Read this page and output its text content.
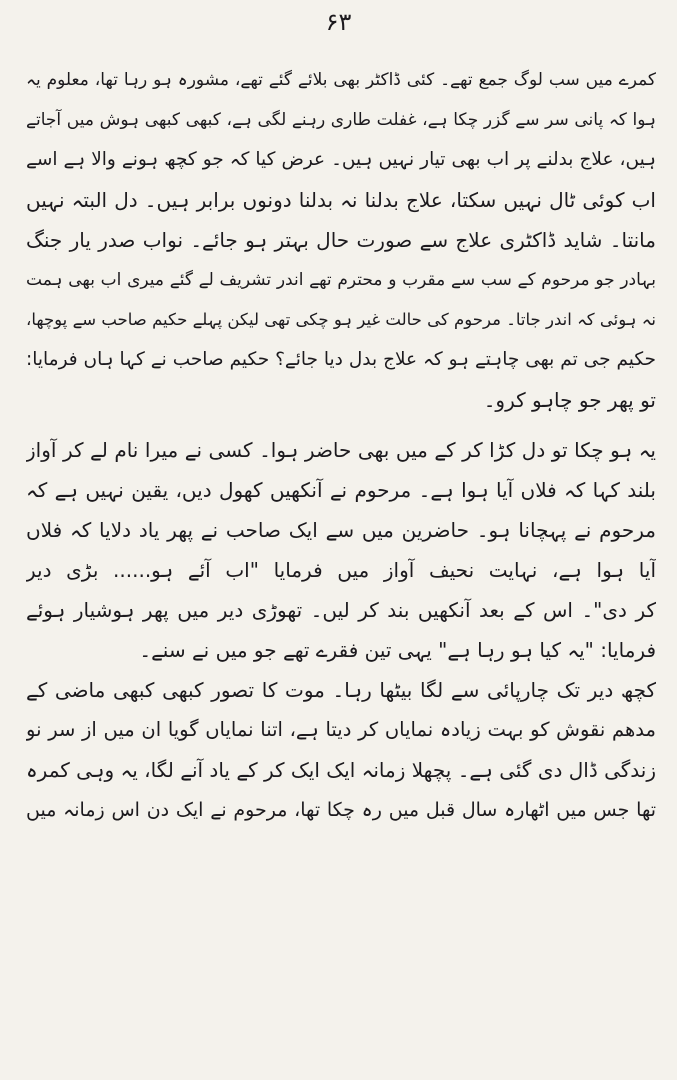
۶۳
کمرے میں سب لوگ جمع تھے۔ کئی ڈاکٹر بھی بلائے گئے تھے، مشورہ ہو رہا تھا، معلوم یہ
ہوا کہ پانی سر سے گزر چکا ہے، غفلت طاری رہنے لگی ہے، کبھی کبھی ہوش میں آجاتے
ہیں، علاج بدلنے پر اب بھی تیار نہیں ہیں۔ عرض کیا کہ جو کچھ ہونے والا ہے اسے
اب کوئی ٹال نہیں سکتا، علاج بدلنا نہ بدلنا دونوں برابر ہیں۔ دل البتہ نہیں
مانتا۔ شاید ڈاکٹری علاج سے صورت حال بہتر ہو جائے۔ نواب صدر یار جنگ
بہادر جو مرحوم کے سب سے مقرب و محترم تھے اندر تشریف لے گئے میری اب بھی ہمت
نہ ہوئی کہ اندر جاتا۔ مرحوم کی حالت غیر ہو چکی تھی لیکن پہلے حکیم صاحب سے پوچھا،
حکیم جی تم بھی چاہتے ہو کہ علاج بدل دیا جائے؟ حکیم صاحب نے کہا ہاں فرمایا:
تو پھر جو چاہو کرو۔
یہ ہو چکا تو دل کڑا کر کے میں بھی حاضر ہوا۔ کسی نے میرا نام لے کر آواز
بلند کہا کہ فلاں آیا ہوا ہے۔ مرحوم نے آنکھیں کھول دیں، یقین نہیں ہے کہ
مرحوم نے پہچانا ہو۔ حاضرین میں سے ایک صاحب نے پھر یاد دلایا کہ فلاں
آیا ہوا ہے، نہایت نحیف آواز میں فرمایا "اب آئے ہو...... بڑی دیر
کر دی"۔ اس کے بعد آنکھیں بند کر لیں۔ تھوڑی دیر میں پھر ہوشیار ہوئے
فرمایا: "یہ کیا ہو رہا ہے" یہی تین فقرے تھے جو میں نے سنے۔
کچھ دیر تک چارپائی سے لگا بیٹھا رہا۔ موت کا تصور کبھی کبھی ماضی کے
مدھم نقوش کو بہت زیادہ نمایاں کر دیتا ہے، اتنا نمایاں گویا ان میں از سر نو
زندگی ڈال دی گئی ہے۔ پچھلا زمانہ ایک ایک کر کے یاد آنے لگا، یہ وہی کمرہ
تھا جس میں اٹھارہ سال قبل میں رہ چکا تھا، مرحوم نے ایک دن اس زمانہ میں
